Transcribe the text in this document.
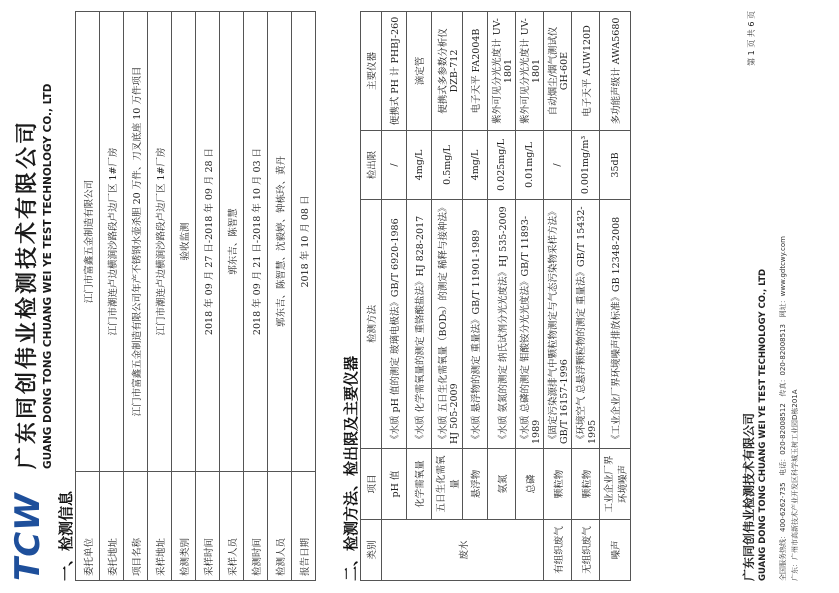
TCW
广东同创伟业检测技术有限公司 GUANG DONG TONG CHUANG WEI YE TEST TECHNOLOGY CO., LTD
一、检测信息 委托单位	江门市富鑫五金制造有限公司
委托地址	江门市潮连卢边横涧沙路段卢边厂区 1#厂房
项目名称	江门市富鑫五金制造有限公司年产不锈钢水壶杀胆 20 万件、刀叉底座 10 万件项目
采样地址	江门市潮连卢边横涧沙路段卢边厂区 1#厂房
检测类别	验收监测
采样时间	2018 年 09 月 27 日-2018 年 09 月 28 日
采样人员	郭东吉、陈智慧
检测时间	2018 年 09 月 21 日-2018 年 10 月 03 日
检测人员	郭东吉、陈智慧、沈毅婷、钟栋玲、黄丹
报告日期	2018 年 10 月 08 日
二、检测方法、检出限及主要仪器 类别	项目	检测方法	检出限	主要仪器
废水	pH 值	《水质 pH 值的测定 玻璃电极法》GB/T 6920-1986	/	便携式 PH 计 PHBJ-260
	化学需氧量	《水质 化学需氧量的测定 重铬酸盐法》HJ 828-2017	4mg/L	滴定管
	五日生化需氧量	《水质 五日生化需氧量（BOD₅）的测定 稀释与接种法》HJ 505-2009	0.5mg/L	便携式多参数分析仪 DZB-712
	悬浮物	《水质 悬浮物的测定 重量法》GB/T 11901-1989	4mg/L	电子天平 FA2004B
	氨氮	《水质 氨氮的测定 纳氏试剂分光光度法》HJ 535-2009	0.025mg/L	紫外可见分光光度计 UV-1801
	总磷	《水质 总磷的测定 钼酸铵分光光度法》GB/T 11893-1989	0.01mg/L	紫外可见分光光度计 UV-1801
有组织废气	颗粒物	《固定污染源排气中颗粒物测定与气态污染物采样方法》GB/T 16157-1996	/	自动烟尘/烟气测试仪 GH-60E
无组织废气	颗粒物	《环境空气 总悬浮颗粒物的测定 重量法》GB/T 15432-1995	0.001mg/m³	电子天平 AUW120D
噪声	工业企业厂界环境噪声	《工业企业厂界环境噪声排放标准》GB 12348-2008	35dB	多功能声级计 AWA5680
广东同创伟业检测技术有限公司 GUANG DONG TONG CHUANG WEI YE TEST TECHNOLOGY CO., LTD 全国服务热线：400-6262-735   电话：020-82008512   传真：020-82008513   网址：www.gdtcwy.com
广东：广州市高新技术产业开发区科学城玉树工业园D栋201A
第 1 页 共 6 页
